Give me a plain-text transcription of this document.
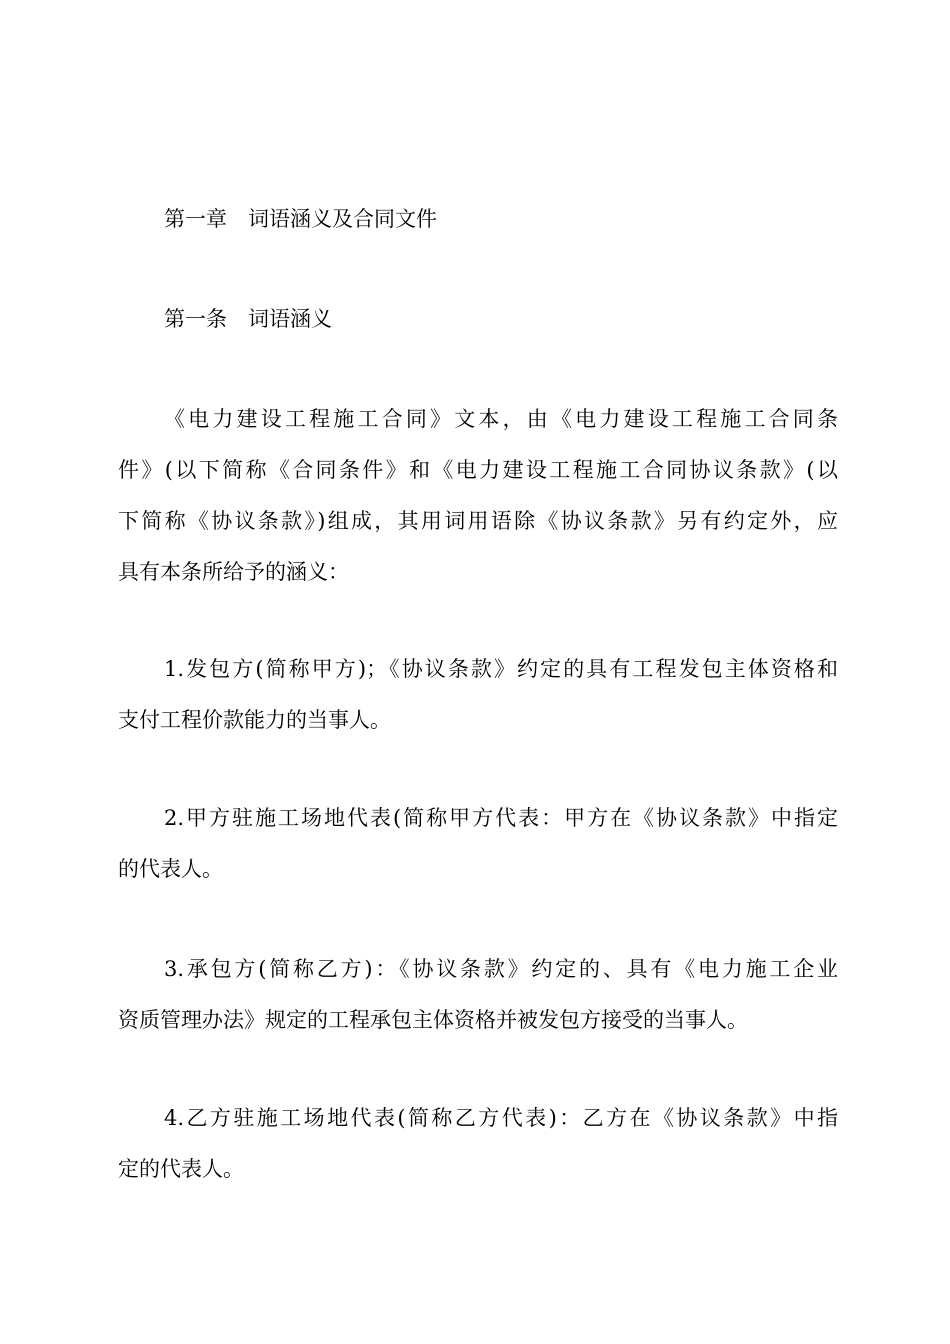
第一章　词语涵义及合同文件
第一条　词语涵义
《电力建设工程施工合同》文本，由《电力建设工程施工合同条
件》(以下简称《合同条件》和《电力建设工程施工合同协议条款》(以
下简称《协议条款》)组成，其用词用语除《协议条款》另有约定外，应
具有本条所给予的涵义：
1.发包方(简称甲方)；《协议条款》约定的具有工程发包主体资格和
支付工程价款能力的当事人。
2.甲方驻施工场地代表(简称甲方代表：甲方在《协议条款》中指定
的代表人。
3.承包方(简称乙方)：《协议条款》约定的、具有《电力施工企业
资质管理办法》规定的工程承包主体资格并被发包方接受的当事人。
4.乙方驻施工场地代表(简称乙方代表)：乙方在《协议条款》中指
定的代表人。
